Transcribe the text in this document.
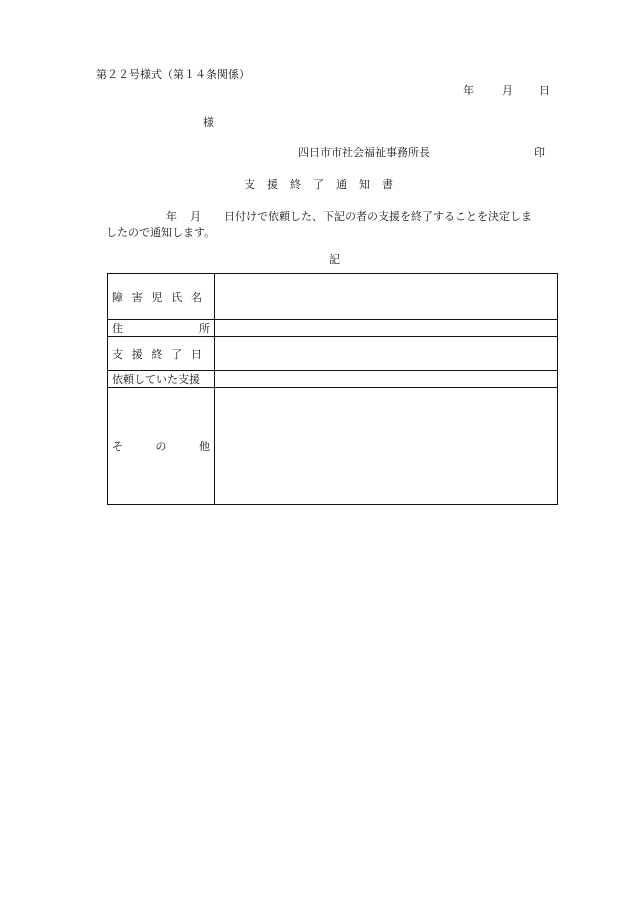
第２２号様式（第１４条関係）
年	月 日
様
四日市市社会福祉事務所長	印
支 援 終 了 通 知 書
年 月 日付けで依頼した、下記の者の支援を終了することを決定しま
したので通知します。
記
障 害 児 氏 名	

住 所	

支 援 終 了 日	

依頼していた支援	

そ の 他	
